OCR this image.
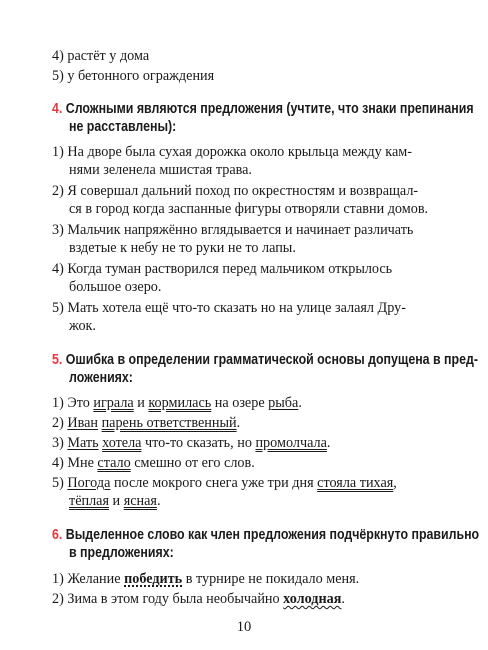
4) растёт у дома
5) у бетонного ограждения
4. Сложными являются предложения (учтите, что знаки препинания
не расставлены):
1) На дворе была сухая дорожка около крыльца между кам-
нями зеленела мшистая трава.
2) Я совершал дальний поход по окрестностям и возвращал-
ся в город когда заспанные фигуры отворяли ставни домов.
3) Мальчик напряжённо вглядывается и начинает различать
вздетые к небу не то руки не то лапы.
4) Когда туман растворился перед мальчиком открылось
большое озеро.
5) Мать хотела ещё что-то сказать но на улице залаял Дру-
жок.
5. Ошибка в определении грамматической основы допущена в пред-
ложениях:
1) Это играла и кормилась на озере рыба.
2) Иван парень ответственный.
3) Мать хотела что-то сказать, но промолчала.
4) Мне стало смешно от его слов.
5) Погода после мокрого снега уже три дня стояла тихая,
тёплая и ясная.
6. Выделенное слово как член предложения подчёркнуто правильно
в предложениях:
1) Желание победить в турнире не покидало меня.
2) Зима в этом году была необычайно холодная.
10
